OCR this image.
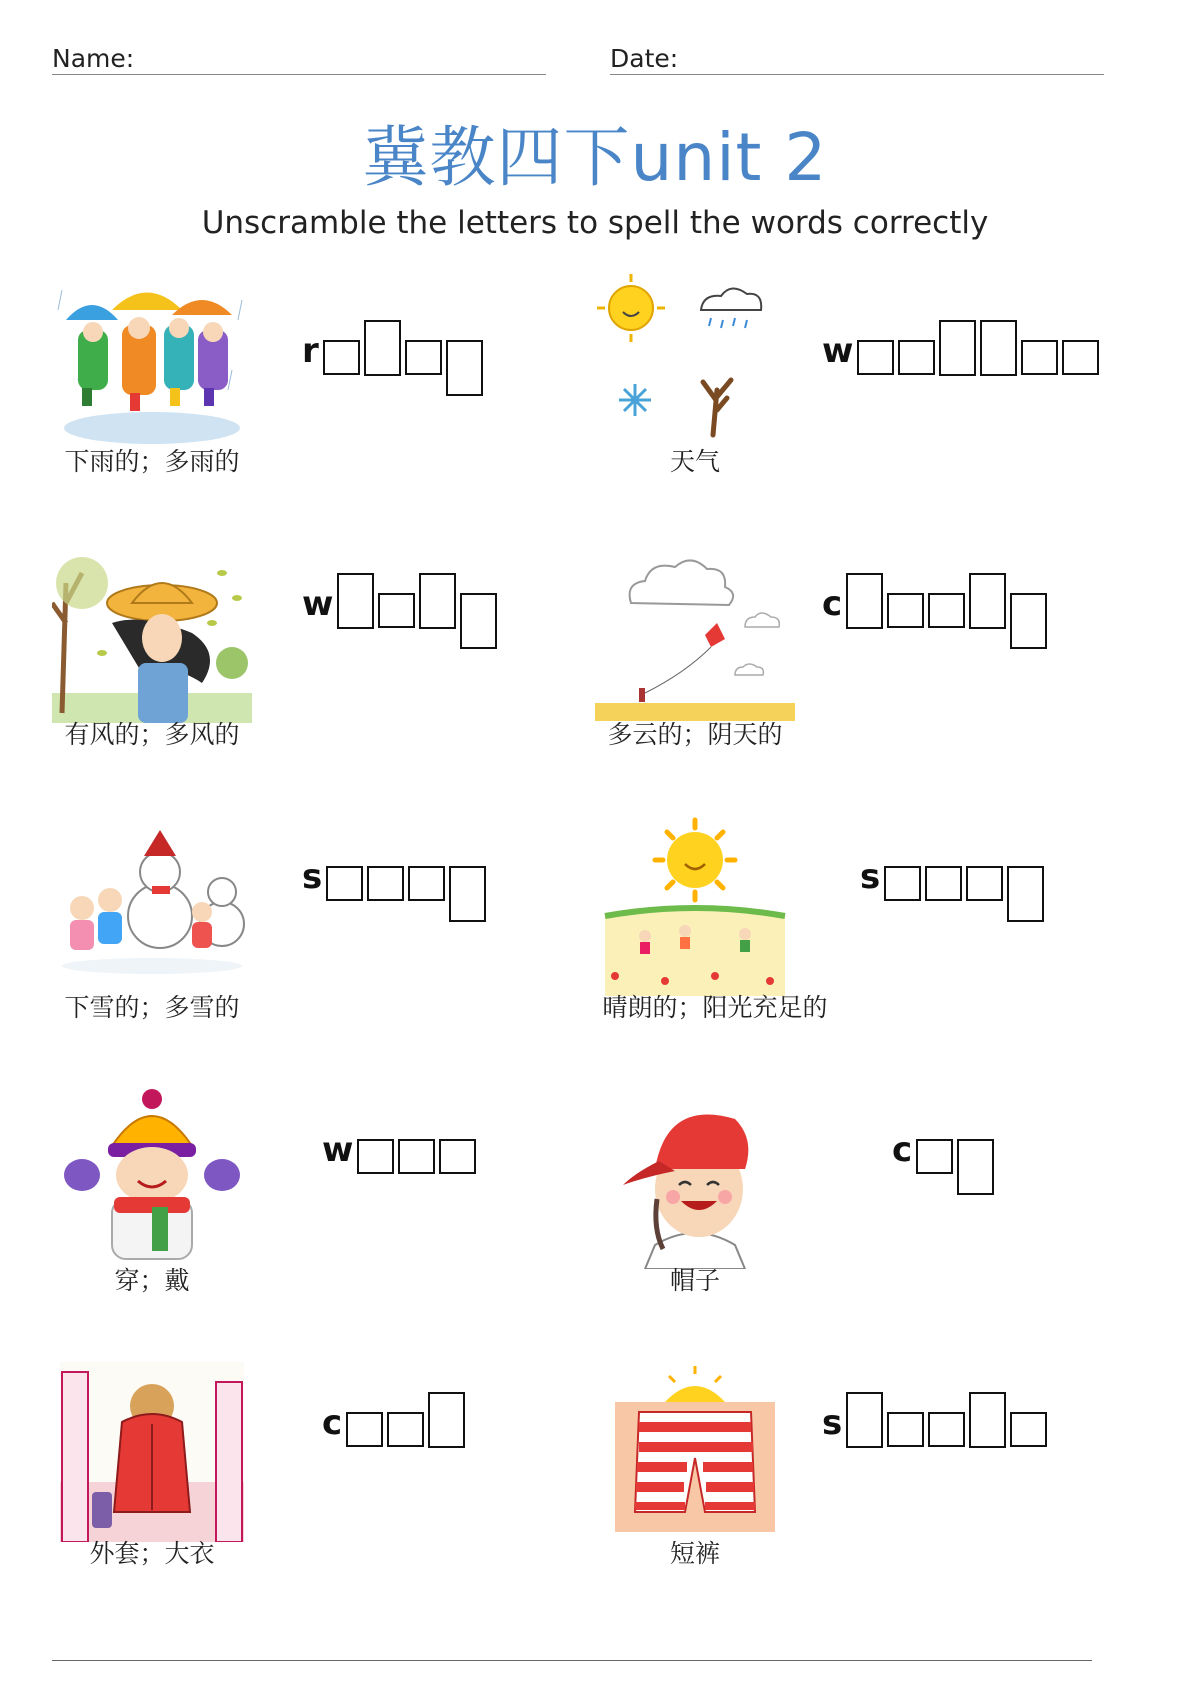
Name:	Date:
冀教四下unit 2
Unscramble the letters to spell the words correctly
下雨的；多雨的
r
天气
w
有风的；多风的
w
多云的；阴天的
c
下雪的；多雪的
s
晴朗的；阳光充足的
s
穿；戴
w
帽子
c
外套；大衣
c
短裤
s
